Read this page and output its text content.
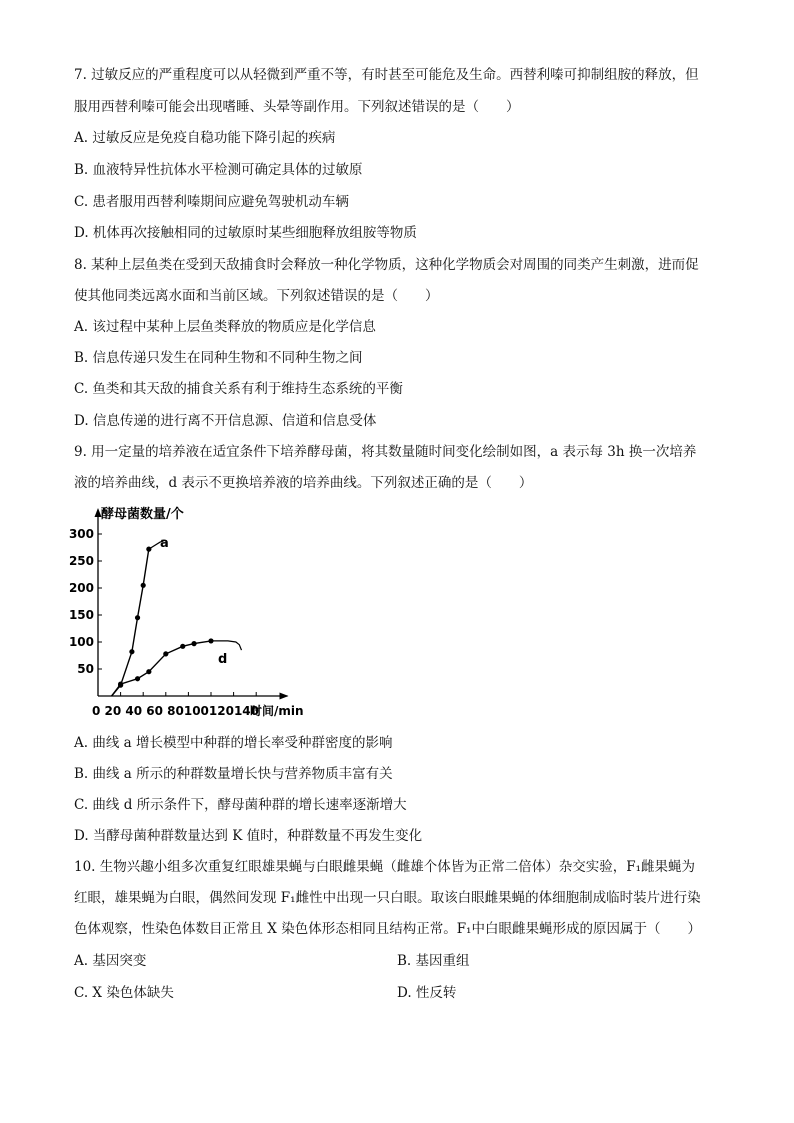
7. 过敏反应的严重程度可以从轻微到严重不等，有时甚至可能危及生命。西替利嗪可抑制组胺的释放，但
服用西替利嗪可能会出现嗜睡、头晕等副作用。下列叙述错误的是（　　）
A. 过敏反应是免疫自稳功能下降引起的疾病
B. 血液特异性抗体水平检测可确定具体的过敏原
C. 患者服用西替利嗪期间应避免驾驶机动车辆
D. 机体再次接触相同的过敏原时某些细胞释放组胺等物质
8. 某种上层鱼类在受到天敌捕食时会释放一种化学物质，这种化学物质会对周围的同类产生刺激，进而促
使其他同类远离水面和当前区域。下列叙述错误的是（　　）
A. 该过程中某种上层鱼类释放的物质应是化学信息
B. 信息传递只发生在同种生物和不同种生物之间
C. 鱼类和其天敌的捕食关系有利于维持生态系统的平衡
D. 信息传递的进行离不开信息源、信道和信息受体
9. 用一定量的培养液在适宜条件下培养酵母菌，将其数量随时间变化绘制如图，a 表示每 3h 换一次培养
液的培养曲线，d 表示不更换培养液的培养曲线。下列叙述正确的是（　　）
50
100
150
200
250
300
酵母菌数量/个
0 20 40 60 80100120140
时间/min
a
d
A. 曲线 a 增长模型中种群的增长率受种群密度的影响
B. 曲线 a 所示的种群数量增长快与营养物质丰富有关
C. 曲线 d 所示条件下，酵母菌种群的增长速率逐渐增大
D. 当酵母菌种群数量达到 K 值时，种群数量不再发生变化
10. 生物兴趣小组多次重复红眼雄果蝇与白眼雌果蝇（雌雄个体皆为正常二倍体）杂交实验，F₁雌果蝇为
红眼，雄果蝇为白眼，偶然间发现 F₁雌性中出现一只白眼。取该白眼雌果蝇的体细胞制成临时装片进行染
色体观察，性染色体数目正常且 X 染色体形态相同且结构正常。F₁中白眼雌果蝇形成的原因属于（　　）
A. 基因突变	B. 基因重组
C. X 染色体缺失	D. 性反转
